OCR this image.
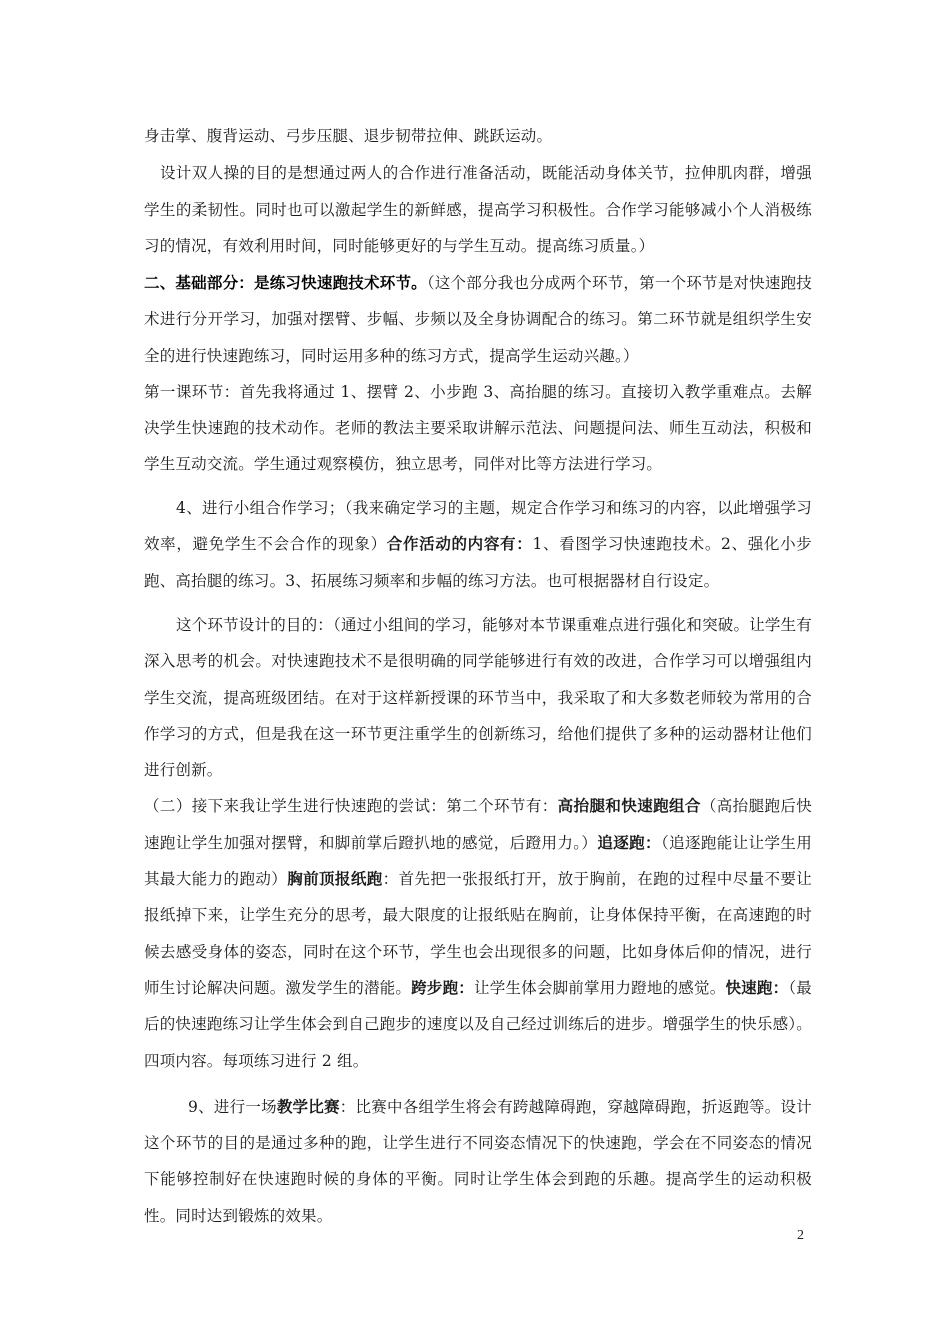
身击掌、腹背运动、弓步压腿、退步韧带拉伸、跳跃运动。

设计双人操的目的是想通过两人的合作进行准备活动，既能活动身体关节，拉伸肌肉群，增强学生的柔韧性。同时也可以激起学生的新鲜感，提高学习积极性。合作学习能够减小个人消极练习的情况，有效利用时间，同时能够更好的与学生互动。提高练习质量。）

二、基础部分：是练习快速跑技术环节。（这个部分我也分成两个环节，第一个环节是对快速跑技术进行分开学习，加强对摆臂、步幅、步频以及全身协调配合的练习。第二环节就是组织学生安全的进行快速跑练习，同时运用多种的练习方式，提高学生运动兴趣。）

第一课环节：首先我将通过 1、摆臂 2、小步跑 3、高抬腿的练习。直接切入教学重难点。去解决学生快速跑的技术动作。老师的教法主要采取讲解示范法、问题提问法、师生互动法，积极和学生互动交流。学生通过观察模仿，独立思考，同伴对比等方法进行学习。

4、进行小组合作学习；（我来确定学习的主题，规定合作学习和练习的内容，以此增强学习效率，避免学生不会合作的现象）合作活动的内容有：1、看图学习快速跑技术。2、强化小步跑、高抬腿的练习。3、拓展练习频率和步幅的练习方法。也可根据器材自行设定。

这个环节设计的目的：（通过小组间的学习，能够对本节课重难点进行强化和突破。让学生有深入思考的机会。对快速跑技术不是很明确的同学能够进行有效的改进，合作学习可以增强组内学生交流，提高班级团结。在对于这样新授课的环节当中，我采取了和大多数老师较为常用的合作学习的方式，但是我在这一环节更注重学生的创新练习，给他们提供了多种的运动器材让他们进行创新。

（二）接下来我让学生进行快速跑的尝试：第二个环节有：高抬腿和快速跑组合（高抬腿跑后快速跑让学生加强对摆臂，和脚前掌后蹬扒地的感觉，后蹬用力。）追逐跑：（追逐跑能让让学生用其最大能力的跑动）胸前顶报纸跑：首先把一张报纸打开，放于胸前，在跑的过程中尽量不要让报纸掉下来，让学生充分的思考，最大限度的让报纸贴在胸前，让身体保持平衡，在高速跑的时候去感受身体的姿态，同时在这个环节，学生也会出现很多的问题，比如身体后仰的情况，进行师生讨论解决问题。激发学生的潜能。跨步跑：让学生体会脚前掌用力蹬地的感觉。快速跑：（最后的快速跑练习让学生体会到自己跑步的速度以及自己经过训练后的进步。增强学生的快乐感）。四项内容。每项练习进行 2 组。

9、进行一场教学比赛：比赛中各组学生将会有跨越障碍跑，穿越障碍跑，折返跑等。设计这个环节的目的是通过多种的跑，让学生进行不同姿态情况下的快速跑，学会在不同姿态的情况下能够控制好在快速跑时候的身体的平衡。同时让学生体会到跑的乐趣。提高学生的运动积极性。同时达到锻炼的效果。

2
